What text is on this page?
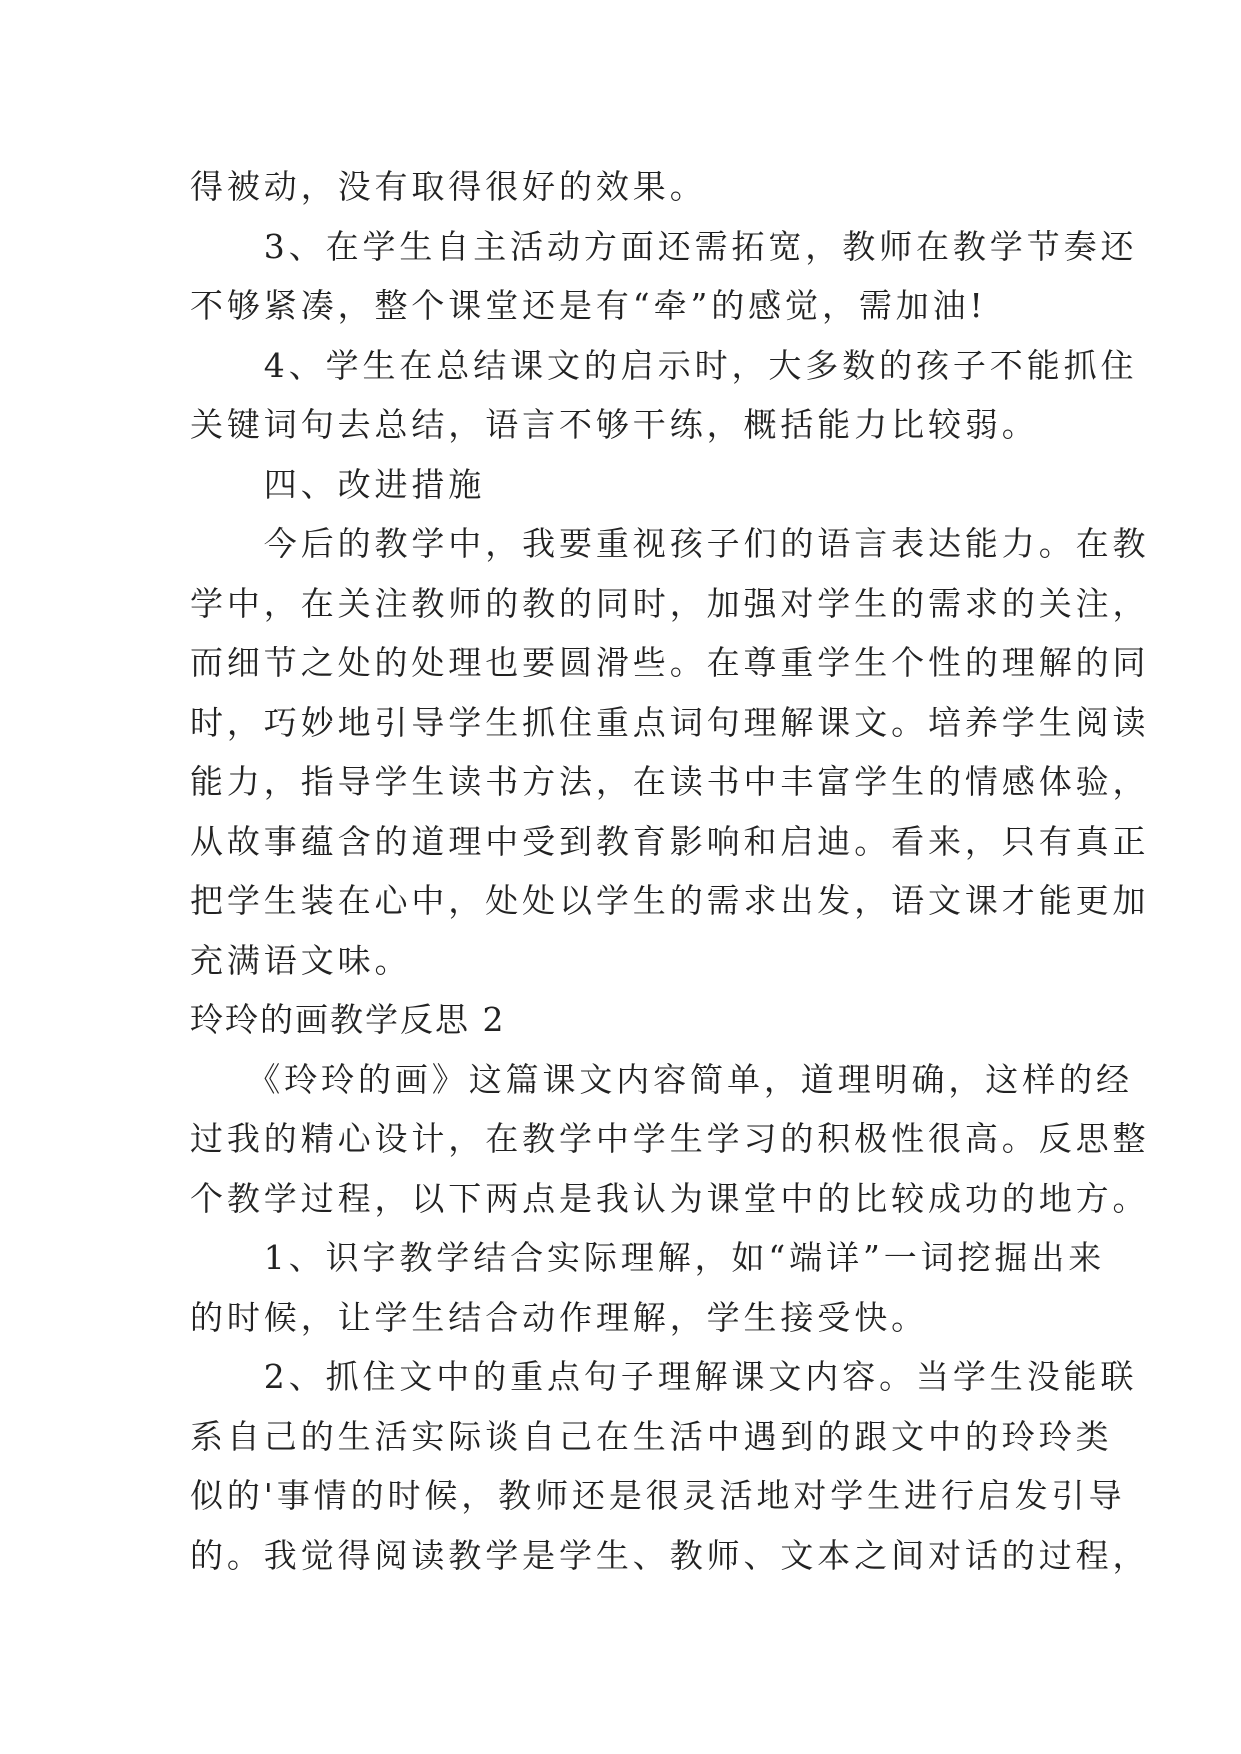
得被动，没有取得很好的效果。
　　3、在学生自主活动方面还需拓宽，教师在教学节奏还
不够紧凑，整个课堂还是有“牵”的感觉，需加油!
　　4、学生在总结课文的启示时，大多数的孩子不能抓住
关键词句去总结，语言不够干练，概括能力比较弱。
　　四、改进措施
　　今后的教学中，我要重视孩子们的语言表达能力。在教
学中，在关注教师的教的同时，加强对学生的需求的关注，
而细节之处的处理也要圆滑些。在尊重学生个性的理解的同
时，巧妙地引导学生抓住重点词句理解课文。培养学生阅读
能力，指导学生读书方法，在读书中丰富学生的情感体验，
从故事蕴含的道理中受到教育影响和启迪。看来，只有真正
把学生装在心中，处处以学生的需求出发，语文课才能更加
充满语文味。
玲玲的画教学反思 2
　　《玲玲的画》这篇课文内容简单，道理明确，这样的经
过我的精心设计，在教学中学生学习的积极性很高。反思整
个教学过程，以下两点是我认为课堂中的比较成功的地方。
　　1、识字教学结合实际理解，如“端详”一词挖掘出来
的时候，让学生结合动作理解，学生接受快。
　　2、抓住文中的重点句子理解课文内容。当学生没能联
系自己的生活实际谈自己在生活中遇到的跟文中的玲玲类
似的'事情的时候，教师还是很灵活地对学生进行启发引导
的。我觉得阅读教学是学生、教师、文本之间对话的过程，
